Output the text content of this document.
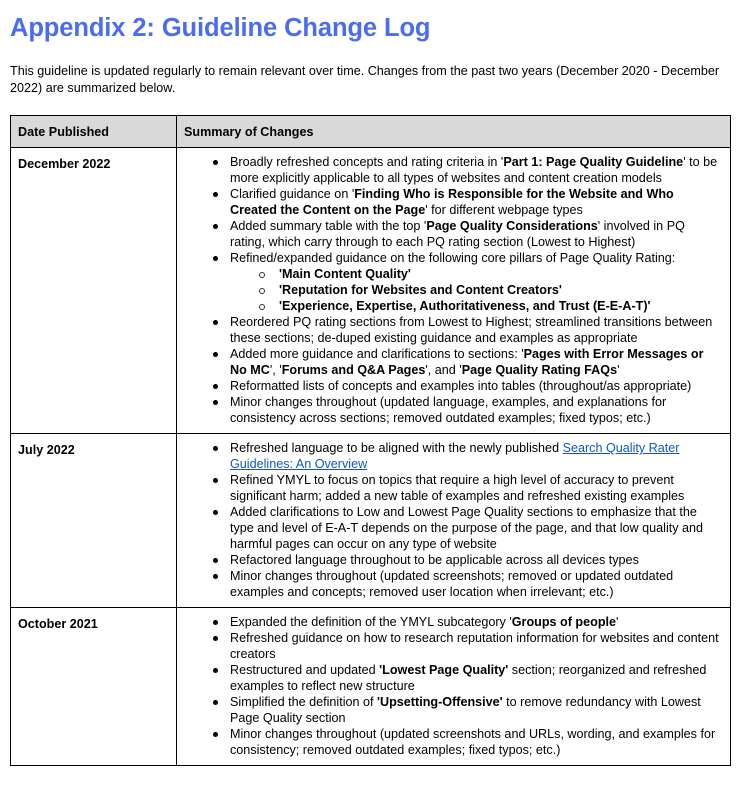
Appendix 2: Guideline Change Log

This guideline is updated regularly to remain relevant over time. Changes from the past two years (December 2020 - December 2022) are summarized below.

Date Published	Summary of Changes
December 2022	Broadly refreshed concepts and rating criteria in 'Part 1: Page Quality Guideline' to be more explicitly applicable to all types of websites and content creation models
Clarified guidance on 'Finding Who is Responsible for the Website and Who Created the Content on the Page' for different webpage types
Added summary table with the top 'Page Quality Considerations' involved in PQ rating, which carry through to each PQ rating section (Lowest to Highest)
Refined/expanded guidance on the following core pillars of Page Quality Rating:
'Main Content Quality'
'Reputation for Websites and Content Creators'
'Experience, Expertise, Authoritativeness, and Trust (E-E-A-T)'
Reordered PQ rating sections from Lowest to Highest; streamlined transitions between these sections; de-duped existing guidance and examples as appropriate
Added more guidance and clarifications to sections: 'Pages with Error Messages or No MC', 'Forums and Q&A Pages', and 'Page Quality Rating FAQs'
Reformatted lists of concepts and examples into tables (throughout/as appropriate)
Minor changes throughout (updated language, examples, and explanations for consistency across sections; removed outdated examples; fixed typos; etc.)

July 2022	Refreshed language to be aligned with the newly published Search Quality Rater Guidelines: An Overview
Refined YMYL to focus on topics that require a high level of accuracy to prevent significant harm; added a new table of examples and refreshed existing examples
Added clarifications to Low and Lowest Page Quality sections to emphasize that the type and level of E-A-T depends on the purpose of the page, and that low quality and harmful pages can occur on any type of website
Refactored language throughout to be applicable across all devices types
Minor changes throughout (updated screenshots; removed or updated outdated examples and concepts; removed user location when irrelevant; etc.)

October 2021	Expanded the definition of the YMYL subcategory 'Groups of people'
Refreshed guidance on how to research reputation information for websites and content creators
Restructured and updated 'Lowest Page Quality' section; reorganized and refreshed examples to reflect new structure
Simplified the definition of 'Upsetting-Offensive' to remove redundancy with Lowest Page Quality section
Minor changes throughout (updated screenshots and URLs, wording, and examples for consistency; removed outdated examples; fixed typos; etc.)
